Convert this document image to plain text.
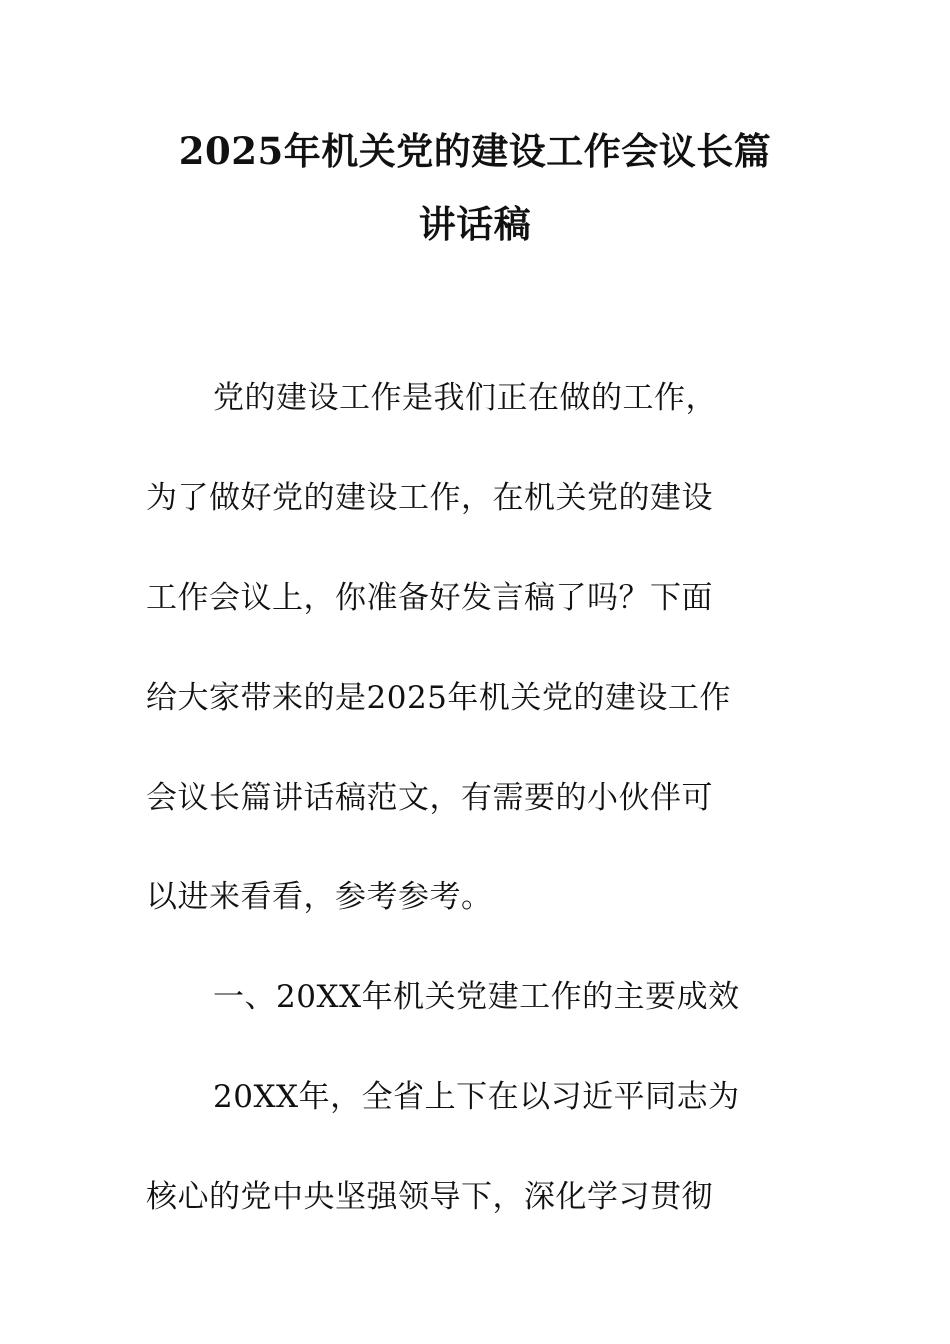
2025年机关党的建设工作会议长篇
讲话稿
党的建设工作是我们正在做的工作，
为了做好党的建设工作，在机关党的建设
工作会议上，你准备好发言稿了吗？下面
给大家带来的是2025年机关党的建设工作
会议长篇讲话稿范文，有需要的小伙伴可
以进来看看，参考参考。
一、20XX年机关党建工作的主要成效
20XX年，全省上下在以习近平同志为
核心的党中央坚强领导下，深化学习贯彻
